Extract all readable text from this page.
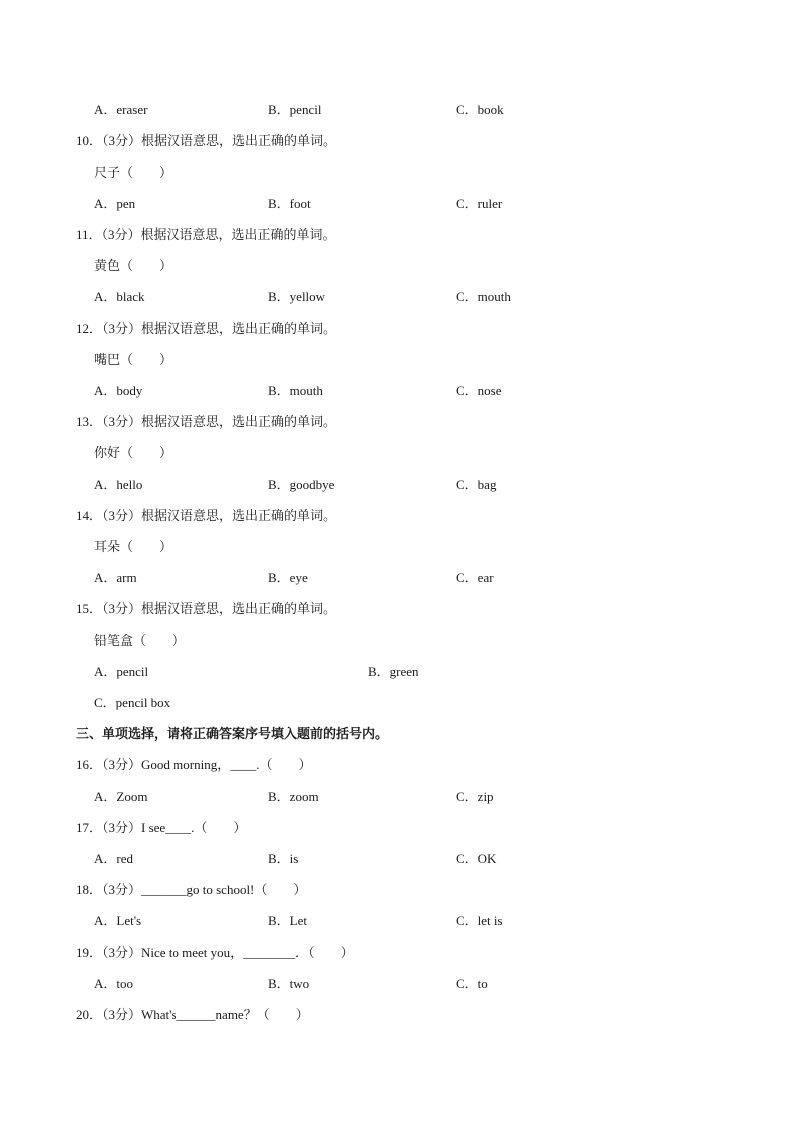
A．eraser	B．pencil	C．book
10．（3分）根据汉语意思，选出正确的单词。
尺子（　　）
A．pen	B．foot	C．ruler
11．（3分）根据汉语意思，选出正确的单词。
黄色（　　）
A．black	B．yellow	C．mouth
12．（3分）根据汉语意思，选出正确的单词。
嘴巴（　　）
A．body	B．mouth	C．nose
13．（3分）根据汉语意思，选出正确的单词。
你好（　　）
A．hello	B．goodbye	C．bag
14．（3分）根据汉语意思，选出正确的单词。
耳朵（　　）
A．arm	B．eye	C．ear
15．（3分）根据汉语意思，选出正确的单词。
铅笔盒（　　）
A．pencil	B．green
C．pencil box
三、单项选择，请将正确答案序号填入题前的括号内。
16．（3分）Good morning，____.（　　）
A．Zoom	B．zoom	C．zip
17．（3分）I see____.（　　）
A．red	B．is	C．OK
18．（3分）_______go to school!（　　）
A．Let's	B．Let	C．let is
19．（3分）Nice to meet you，________．（　　）
A．too	B．two	C．to
20．（3分）What's______name？（　　）
